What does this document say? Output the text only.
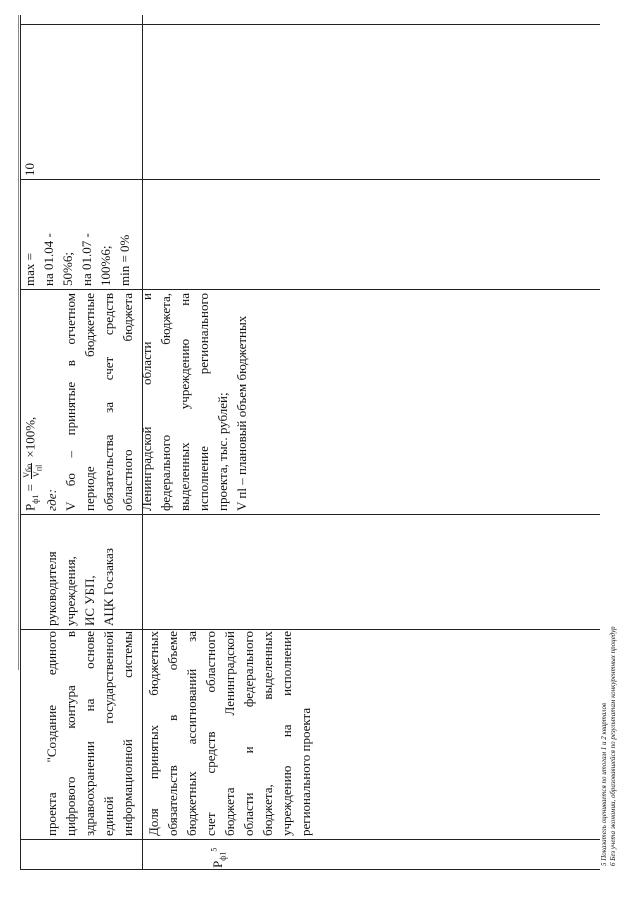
проекта "Создание единого цифрового контура в здравоохранении на основе единой государственной информационной системы
руководителя учреждения, ИС УБП, АЦК Госзаказ
$P_{ф1}^5$
Доля принятых бюджетных обязательств в объеме бюджетных ассигнований за счет средств областного бюджета Ленинградской области и федерального бюджета, выделенных учреждению на исполнение регионального проекта
$P_{ф1}$ =
$V_{бо}$
$V_{пl}$
×100%,
где: V бо – принятые в отчетном периоде бюджетные обязательства за счет средств областного бюджета Ленинградской области и федерального бюджета, выделенных учреждению на исполнение регионального проекта, тыс. рублей; V пl – плановый объем бюджетных
max = на 01.04 - 50%6; на 01.07 - 100%6; min = 0%
10
5 Показатель оценивается по итогам 1 и 2 кварталов 6 Без учета экономии, образовавшейся по результатам конкурентных процедур
